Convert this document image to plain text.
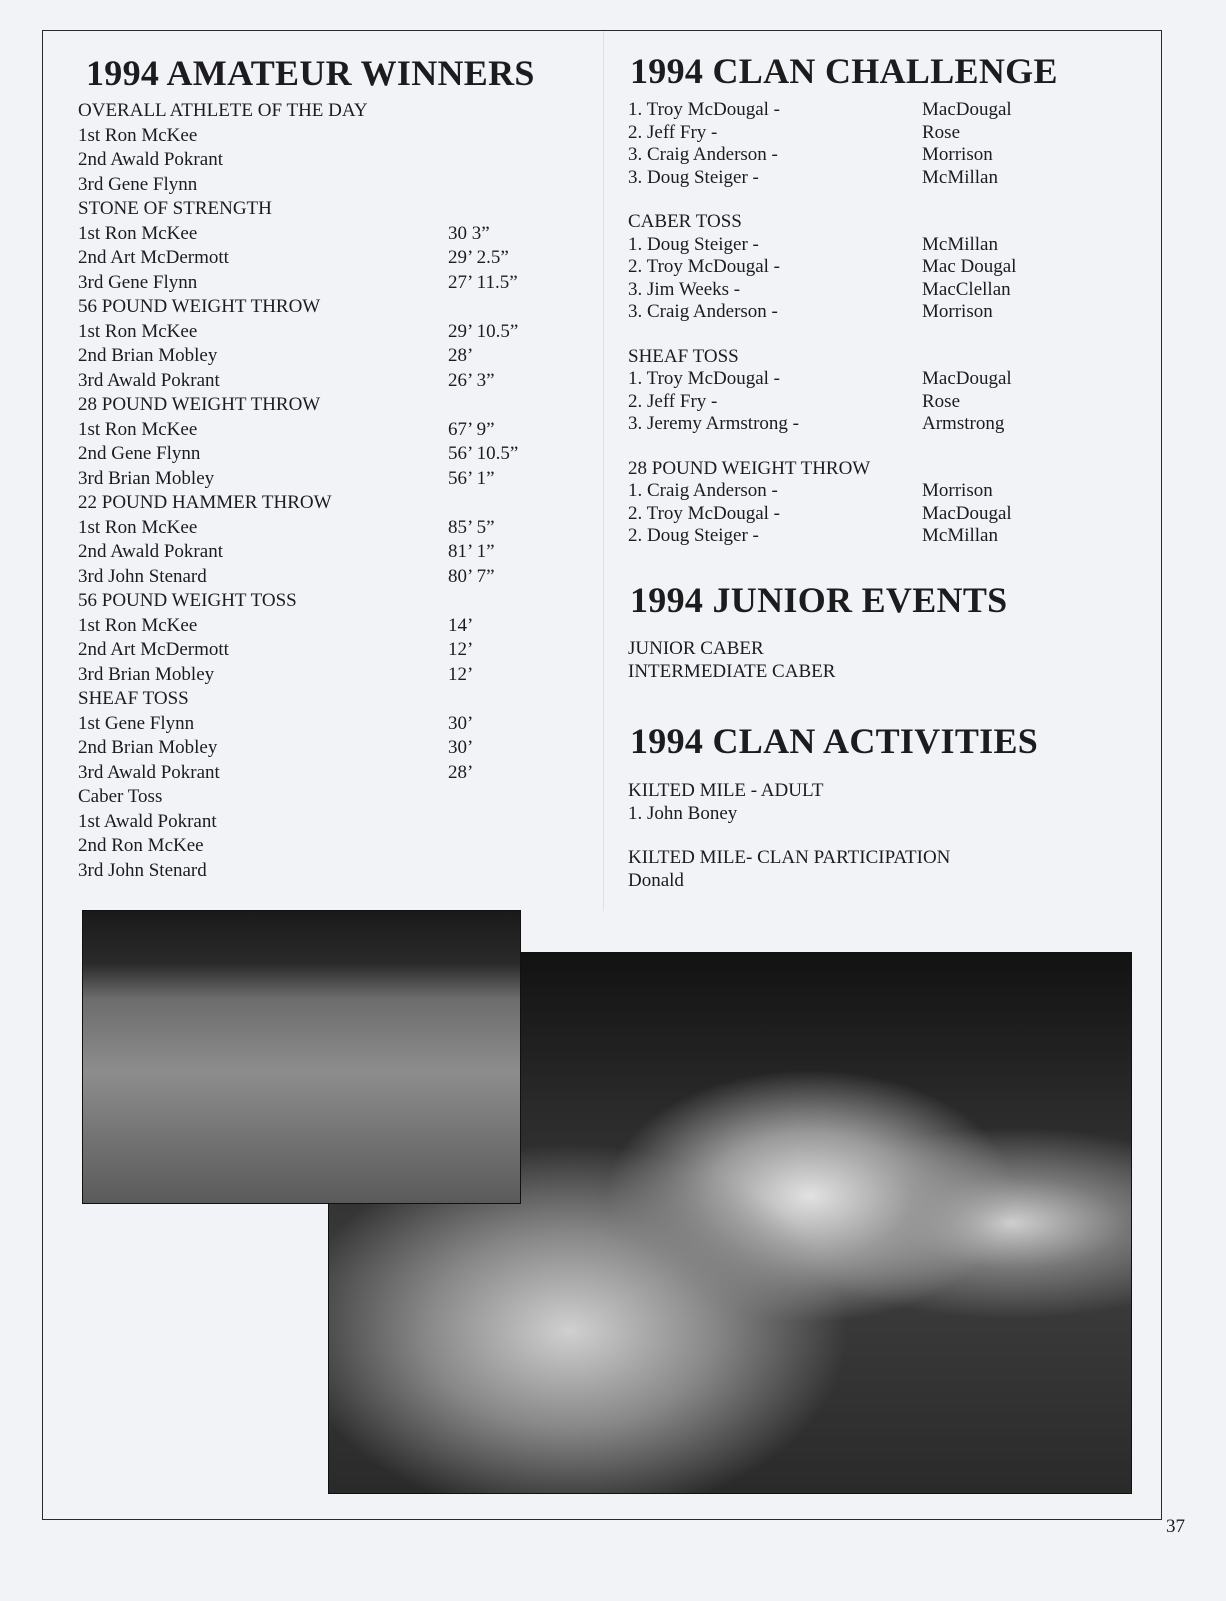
1994 AMATEUR WINNERS
OVERALL ATHLETE OF THE DAY
1st Ron McKee
2nd Awald Pokrant
3rd Gene Flynn
STONE OF STRENGTH
1st Ron McKee	30 3”
2nd Art McDermott	29’ 2.5”
3rd Gene Flynn	27’ 11.5”
56 POUND WEIGHT THROW
1st Ron McKee	29’ 10.5”
2nd Brian Mobley	28’
3rd Awald Pokrant	26’ 3”
28 POUND WEIGHT THROW
1st Ron McKee	67’ 9”
2nd Gene Flynn	56’ 10.5”
3rd Brian Mobley	56’ 1”
22 POUND HAMMER THROW
1st Ron McKee	85’ 5”
2nd Awald Pokrant	81’ 1”
3rd John Stenard	80’ 7”
56 POUND WEIGHT TOSS
1st Ron McKee	14’
2nd Art McDermott	12’
3rd Brian Mobley	12’
SHEAF TOSS
1st Gene Flynn	30’
2nd Brian Mobley	30’
3rd Awald Pokrant	28’
Caber Toss
1st Awald Pokrant
2nd Ron McKee
3rd John Stenard
1994 CLAN CHALLENGE
1. Troy McDougal -	MacDougal
2. Jeff Fry -	Rose
3. Craig Anderson -	Morrison
3. Doug Steiger -	McMillan
CABER TOSS
1. Doug Steiger -	McMillan
2. Troy McDougal -	Mac Dougal
3. Jim Weeks -	MacClellan
3. Craig Anderson -	Morrison
SHEAF TOSS
1. Troy McDougal -	MacDougal
2. Jeff Fry -	Rose
3. Jeremy Armstrong -	Armstrong
28 POUND WEIGHT THROW
1. Craig Anderson -	Morrison
2. Troy McDougal -	MacDougal
2. Doug Steiger -	McMillan
1994 JUNIOR EVENTS
JUNIOR CABER
INTERMEDIATE CABER
1994 CLAN ACTIVITIES
KILTED MILE - ADULT
1. John Boney
KILTED MILE- CLAN PARTICIPATION
Donald
37
